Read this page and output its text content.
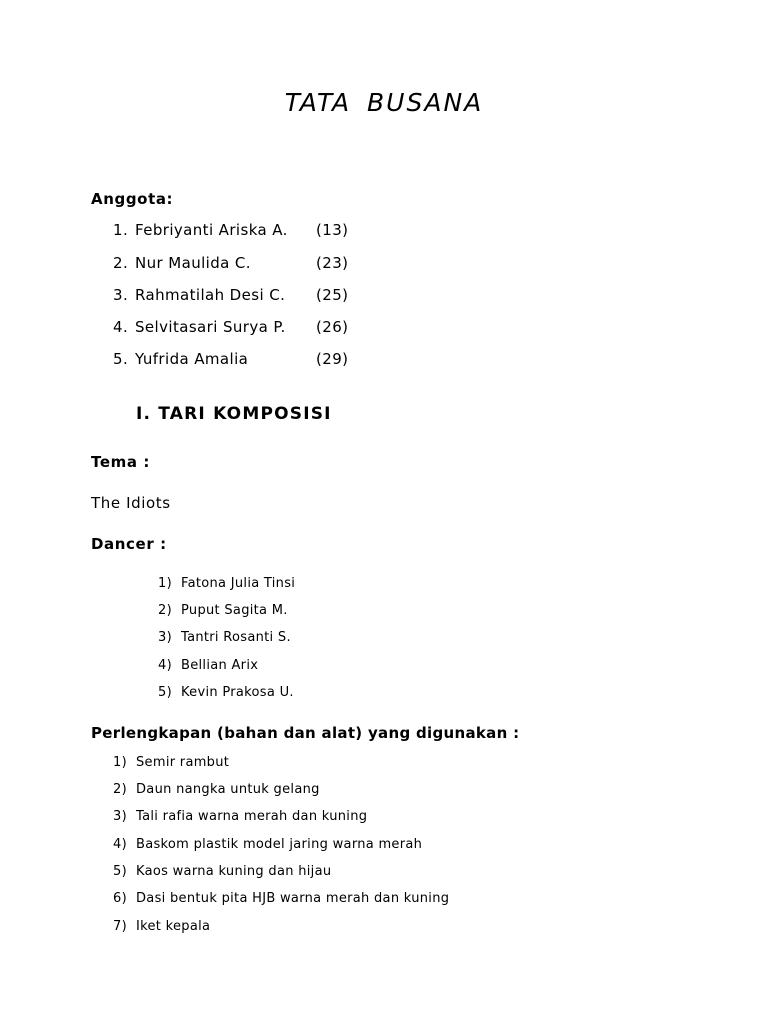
TATA BUSANA
Anggota:
1. Febriyanti Ariska A. (13)
2. Nur Maulida C.	(23)
3. Rahmatilah Desi C. (25)
4. Selvitasari Surya P. (26)
5. Yufrida Amalia	(29)
I. TARI KOMPOSISI
Tema :
The Idiots
Dancer :
1) Fatona Julia Tinsi
2) Puput Sagita M.
3) Tantri Rosanti S.
4) Bellian Arix
5) Kevin Prakosa U.
Perlengkapan (bahan dan alat) yang digunakan :
1) Semir rambut
2) Daun nangka untuk gelang
3) Tali rafia warna merah dan kuning
4) Baskom plastik model jaring warna merah
5) Kaos warna kuning dan hijau
6) Dasi bentuk pita HJB warna merah dan kuning
7) Iket kepala
